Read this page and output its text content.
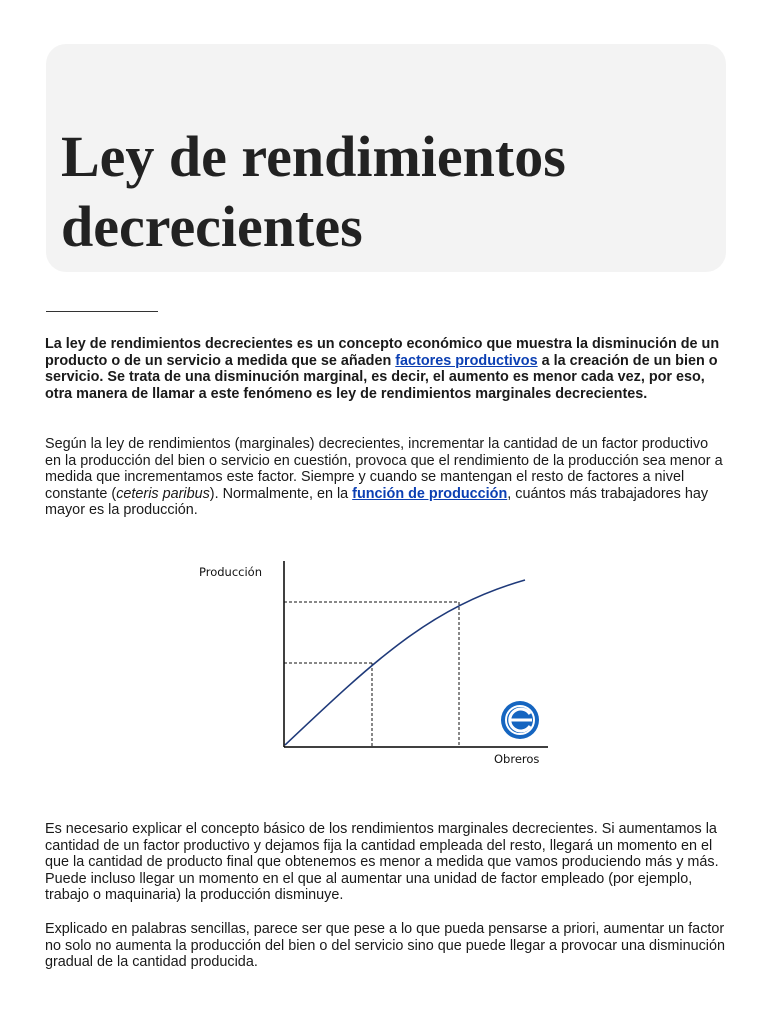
Ley de rendimientos decrecientes

La ley de rendimientos decrecientes es un concepto económico que muestra la disminución de un producto o de un servicio a medida que se añaden factores productivos a la creación de un bien o servicio. Se trata de una disminución marginal, es decir, el aumento es menor cada vez, por eso, otra manera de llamar a este fenómeno es ley de rendimientos marginales decrecientes.

Según la ley de rendimientos (marginales) decrecientes, incrementar la cantidad de un factor productivo en la producción del bien o servicio en cuestión, provoca que el rendimiento de la producción sea menor a medida que incrementamos este factor. Siempre y cuando se mantengan el resto de factores a nivel constante (ceteris paribus). Normalmente, en la función de producción, cuántos más trabajadores hay mayor es la producción.

Producción
Obreros

Es necesario explicar el concepto básico de los rendimientos marginales decrecientes. Si aumentamos la cantidad de un factor productivo y dejamos fija la cantidad empleada del resto, llegará un momento en el que la cantidad de producto final que obtenemos es menor a medida que vamos produciendo más y más. Puede incluso llegar un momento en el que al aumentar una unidad de factor empleado (por ejemplo, trabajo o maquinaria) la producción disminuye.

Explicado en palabras sencillas, parece ser que pese a lo que pueda pensarse a priori, aumentar un factor no solo no aumenta la producción del bien o del servicio sino que puede llegar a provocar una disminución gradual de la cantidad producida.
